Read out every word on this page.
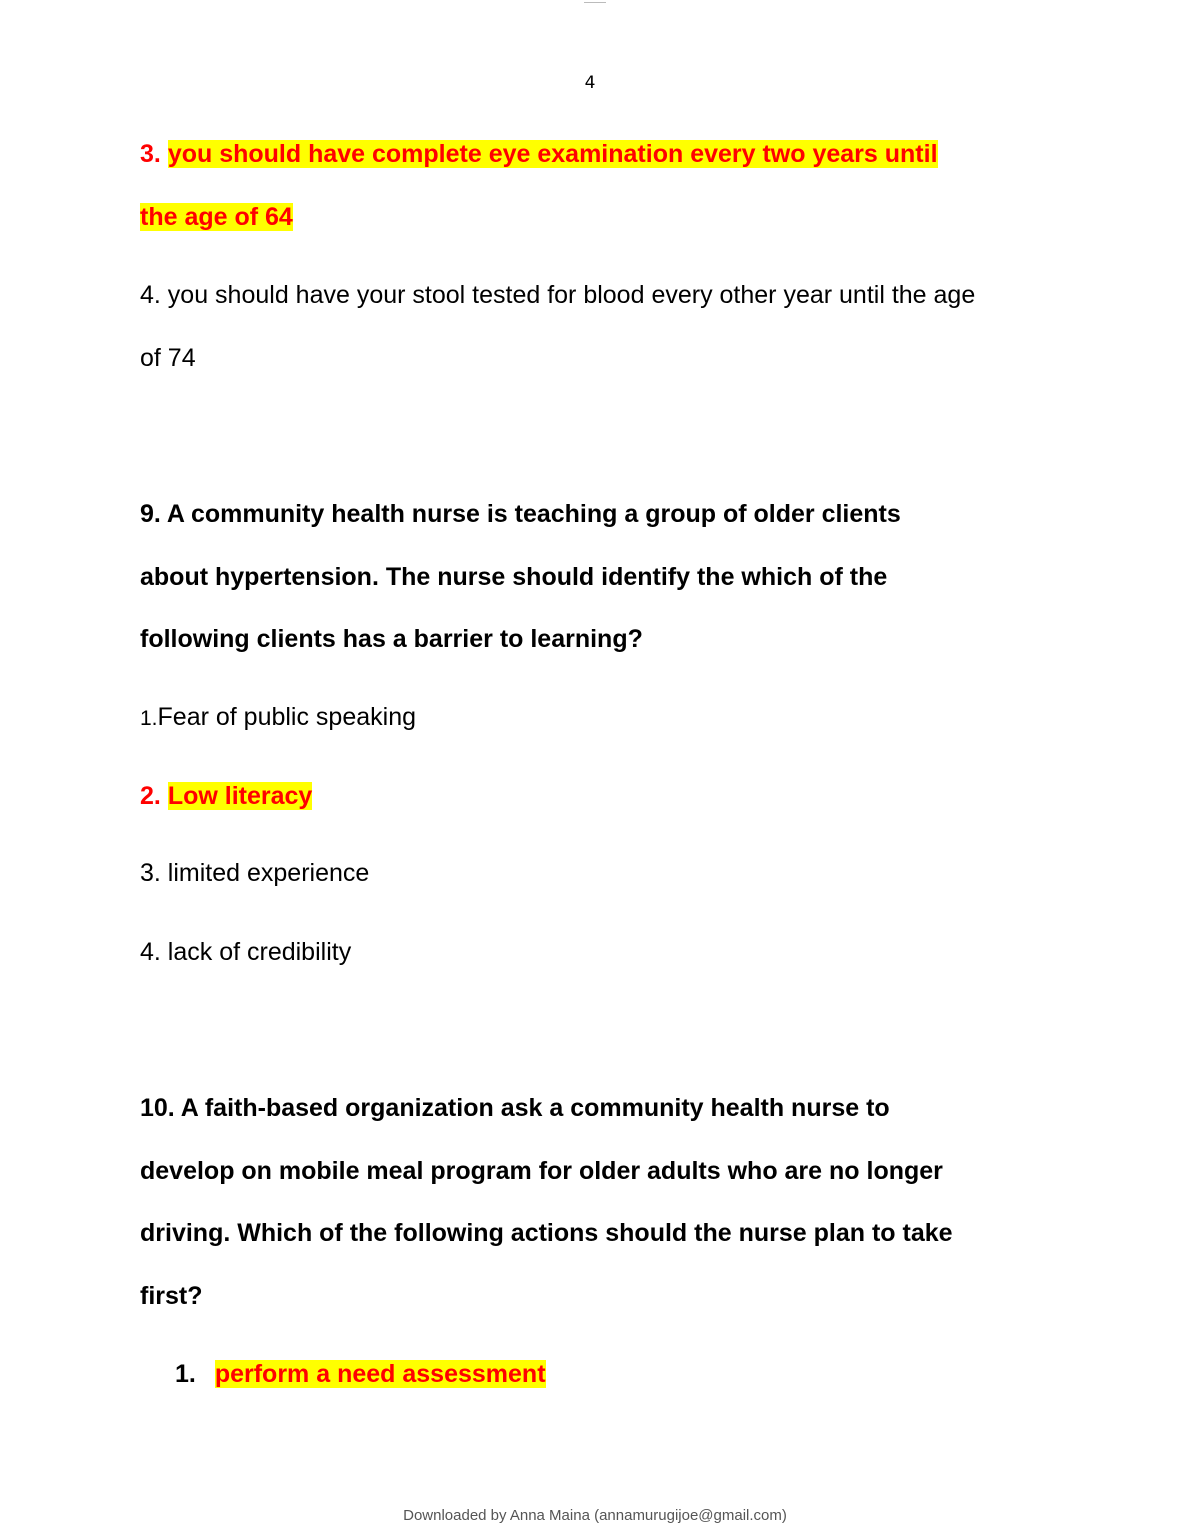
4
3. you should have complete eye examination every two years until
the age of 64
4. you should have your stool tested for blood every other year until the age
of 74
9. A community health nurse is teaching a group of older clients
about hypertension. The nurse should identify the which of the
following clients has a barrier to learning?
1.Fear of public speaking
2. Low literacy
3. limited experience
4. lack of credibility
10. A faith-based organization ask a community health nurse to
develop on mobile meal program for older adults who are no longer
driving. Which of the following actions should the nurse plan to take
first?
1. perform a need assessment
Downloaded by Anna Maina (annamurugijoe@gmail.com)
